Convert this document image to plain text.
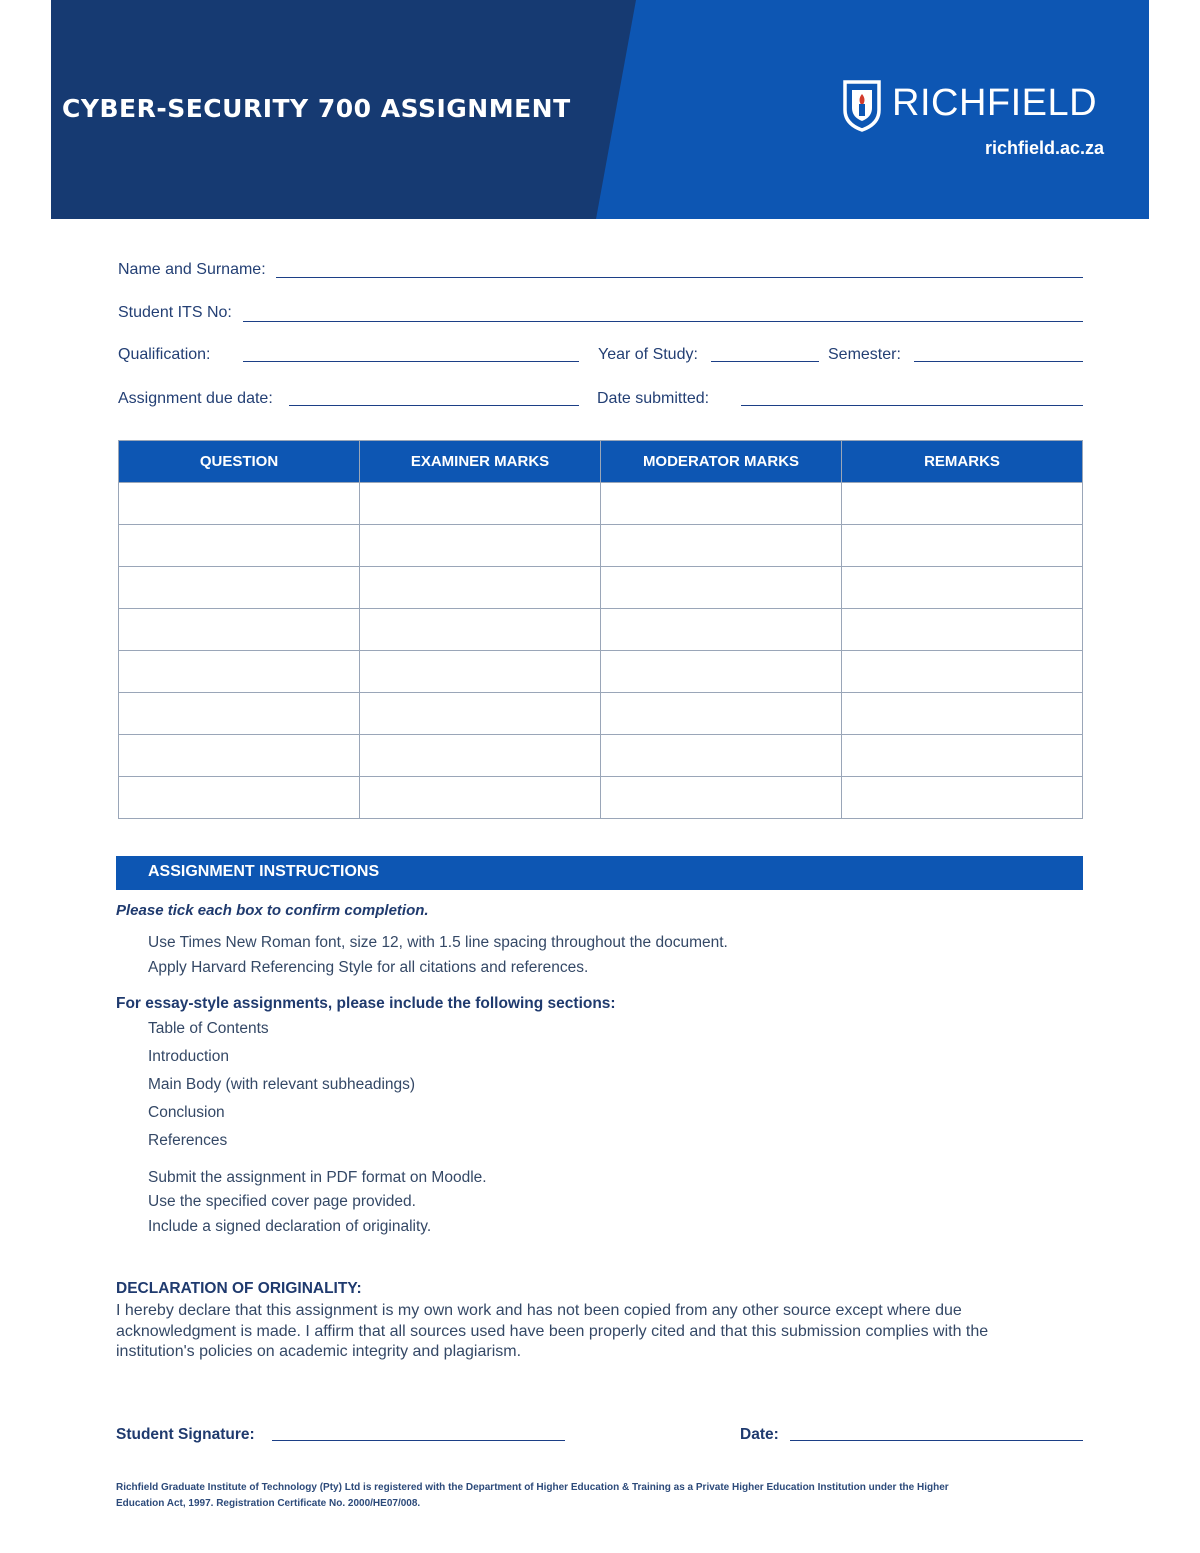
CYBER-SECURITY 700 ASSIGNMENT	RICHFIELD
richfield.ac.za
Name and Surname:
Student ITS No:
Qualification:	Year of Study:	Semester:
Assignment due date:	Date submitted:
QUESTION	EXAMINER MARKS	MODERATOR MARKS	REMARKS

ASSIGNMENT INSTRUCTIONS
Please tick each box to confirm completion.
Use Times New Roman font, size 12, with 1.5 line spacing throughout the document.
Apply Harvard Referencing Style for all citations and references.
For essay-style assignments, please include the following sections:
Table of Contents
Introduction
Main Body (with relevant subheadings)
Conclusion
References
Submit the assignment in PDF format on Moodle.
Use the specified cover page provided.
Include a signed declaration of originality.
DECLARATION OF ORIGINALITY:
I hereby declare that this assignment is my own work and has not been copied from any other source except where due acknowledgment is made. I affirm that all sources used have been properly cited and that this submission complies with the institution's policies on academic integrity and plagiarism.
Student Signature:	Date:
Richfield Graduate Institute of Technology (Pty) Ltd is registered with the Department of Higher Education & Training as a Private Higher Education Institution under the Higher Education Act, 1997. Registration Certificate No. 2000/HE07/008.
